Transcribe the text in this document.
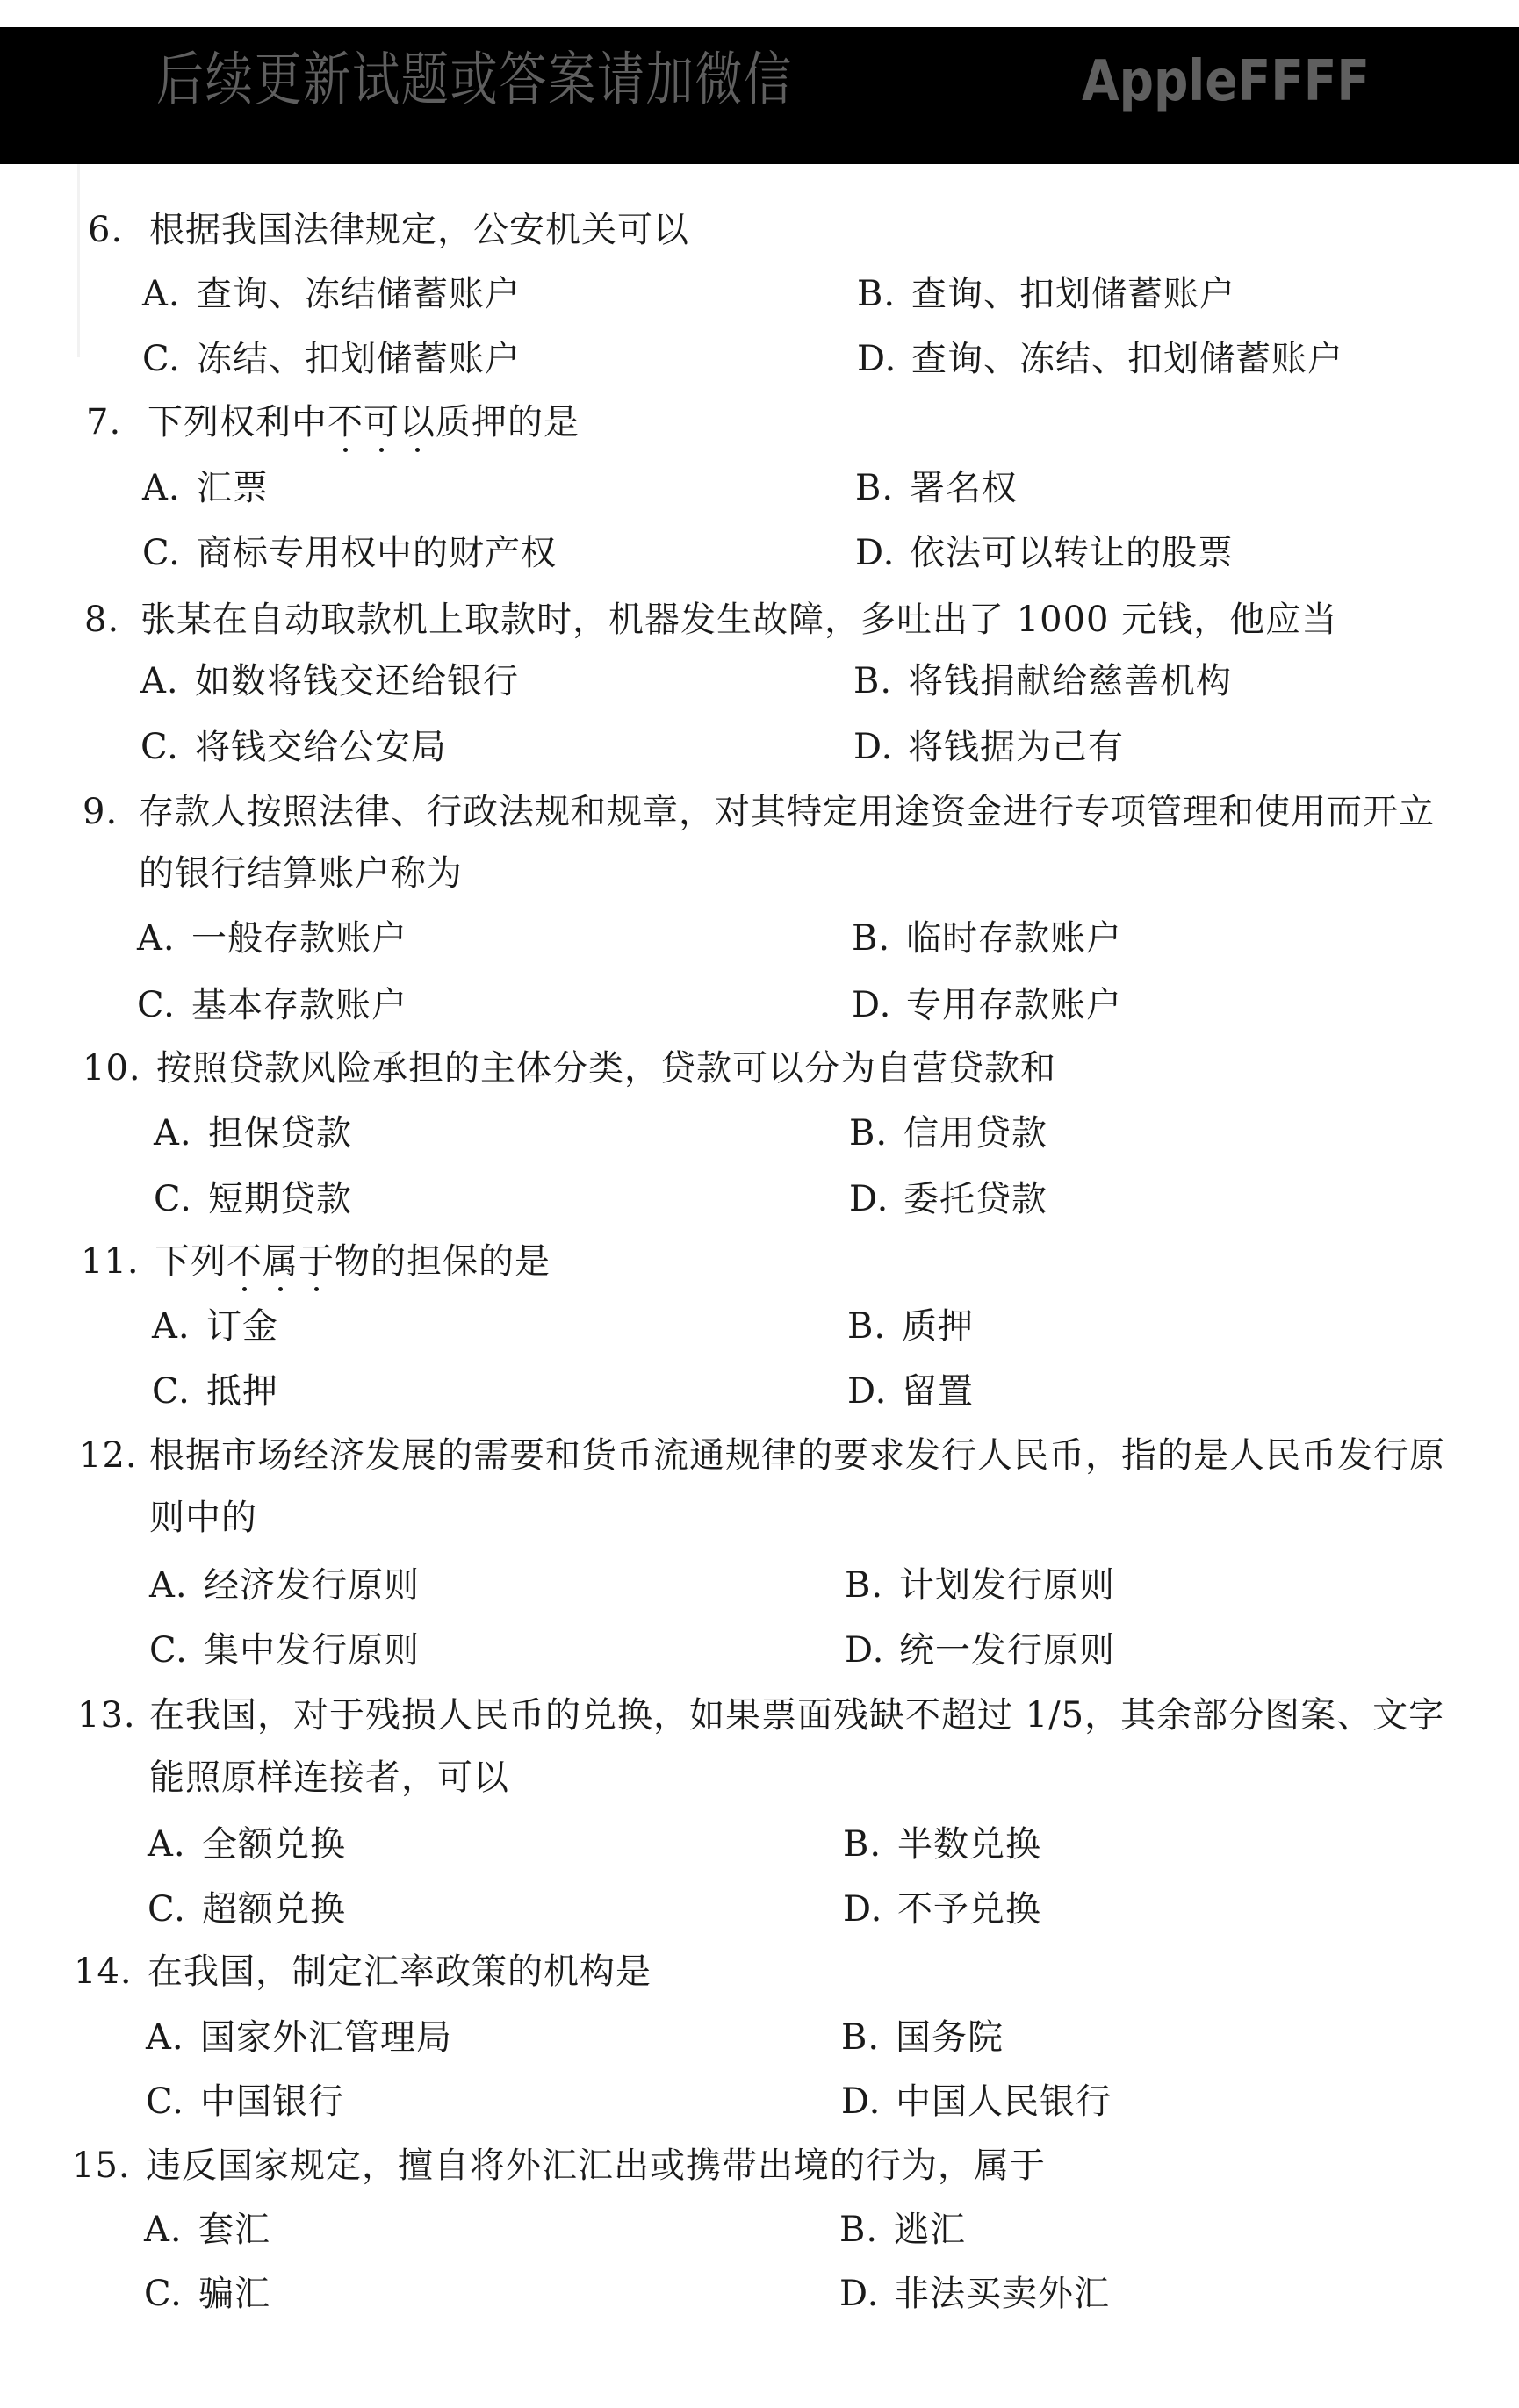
后续更新试题或答案请加微信	AppleFFFF
6. 根据我国法律规定，公安机关可以
A. 查询、冻结储蓄账户	B. 查询、扣划储蓄账户
C. 冻结、扣划储蓄账户	D. 查询、冻结、扣划储蓄账户
7. 下列权利中不可以质押的是
A. 汇票	B. 署名权
C. 商标专用权中的财产权	D. 依法可以转让的股票
8. 张某在自动取款机上取款时，机器发生故障，多吐出了 1000 元钱，他应当
A. 如数将钱交还给银行	B. 将钱捐献给慈善机构
C. 将钱交给公安局	D. 将钱据为己有
9. 存款人按照法律、行政法规和规章，对其特定用途资金进行专项管理和使用而开立
的银行结算账户称为
A. 一般存款账户	B. 临时存款账户
C. 基本存款账户	D. 专用存款账户
10. 按照贷款风险承担的主体分类，贷款可以分为自营贷款和
A. 担保贷款	B. 信用贷款
C. 短期贷款	D. 委托贷款
11. 下列不属于物的担保的是
A. 订金	B. 质押
C. 抵押	D. 留置
12. 根据市场经济发展的需要和货币流通规律的要求发行人民币，指的是人民币发行原
则中的
A. 经济发行原则	B. 计划发行原则
C. 集中发行原则	D. 统一发行原则
13. 在我国，对于残损人民币的兑换，如果票面残缺不超过 1/5，其余部分图案、文字
能照原样连接者，可以
A. 全额兑换	B. 半数兑换
C. 超额兑换	D. 不予兑换
14. 在我国，制定汇率政策的机构是
A. 国家外汇管理局	B. 国务院
C. 中国银行	D. 中国人民银行
15. 违反国家规定，擅自将外汇汇出或携带出境的行为，属于
A. 套汇	B. 逃汇
C. 骗汇	D. 非法买卖外汇
